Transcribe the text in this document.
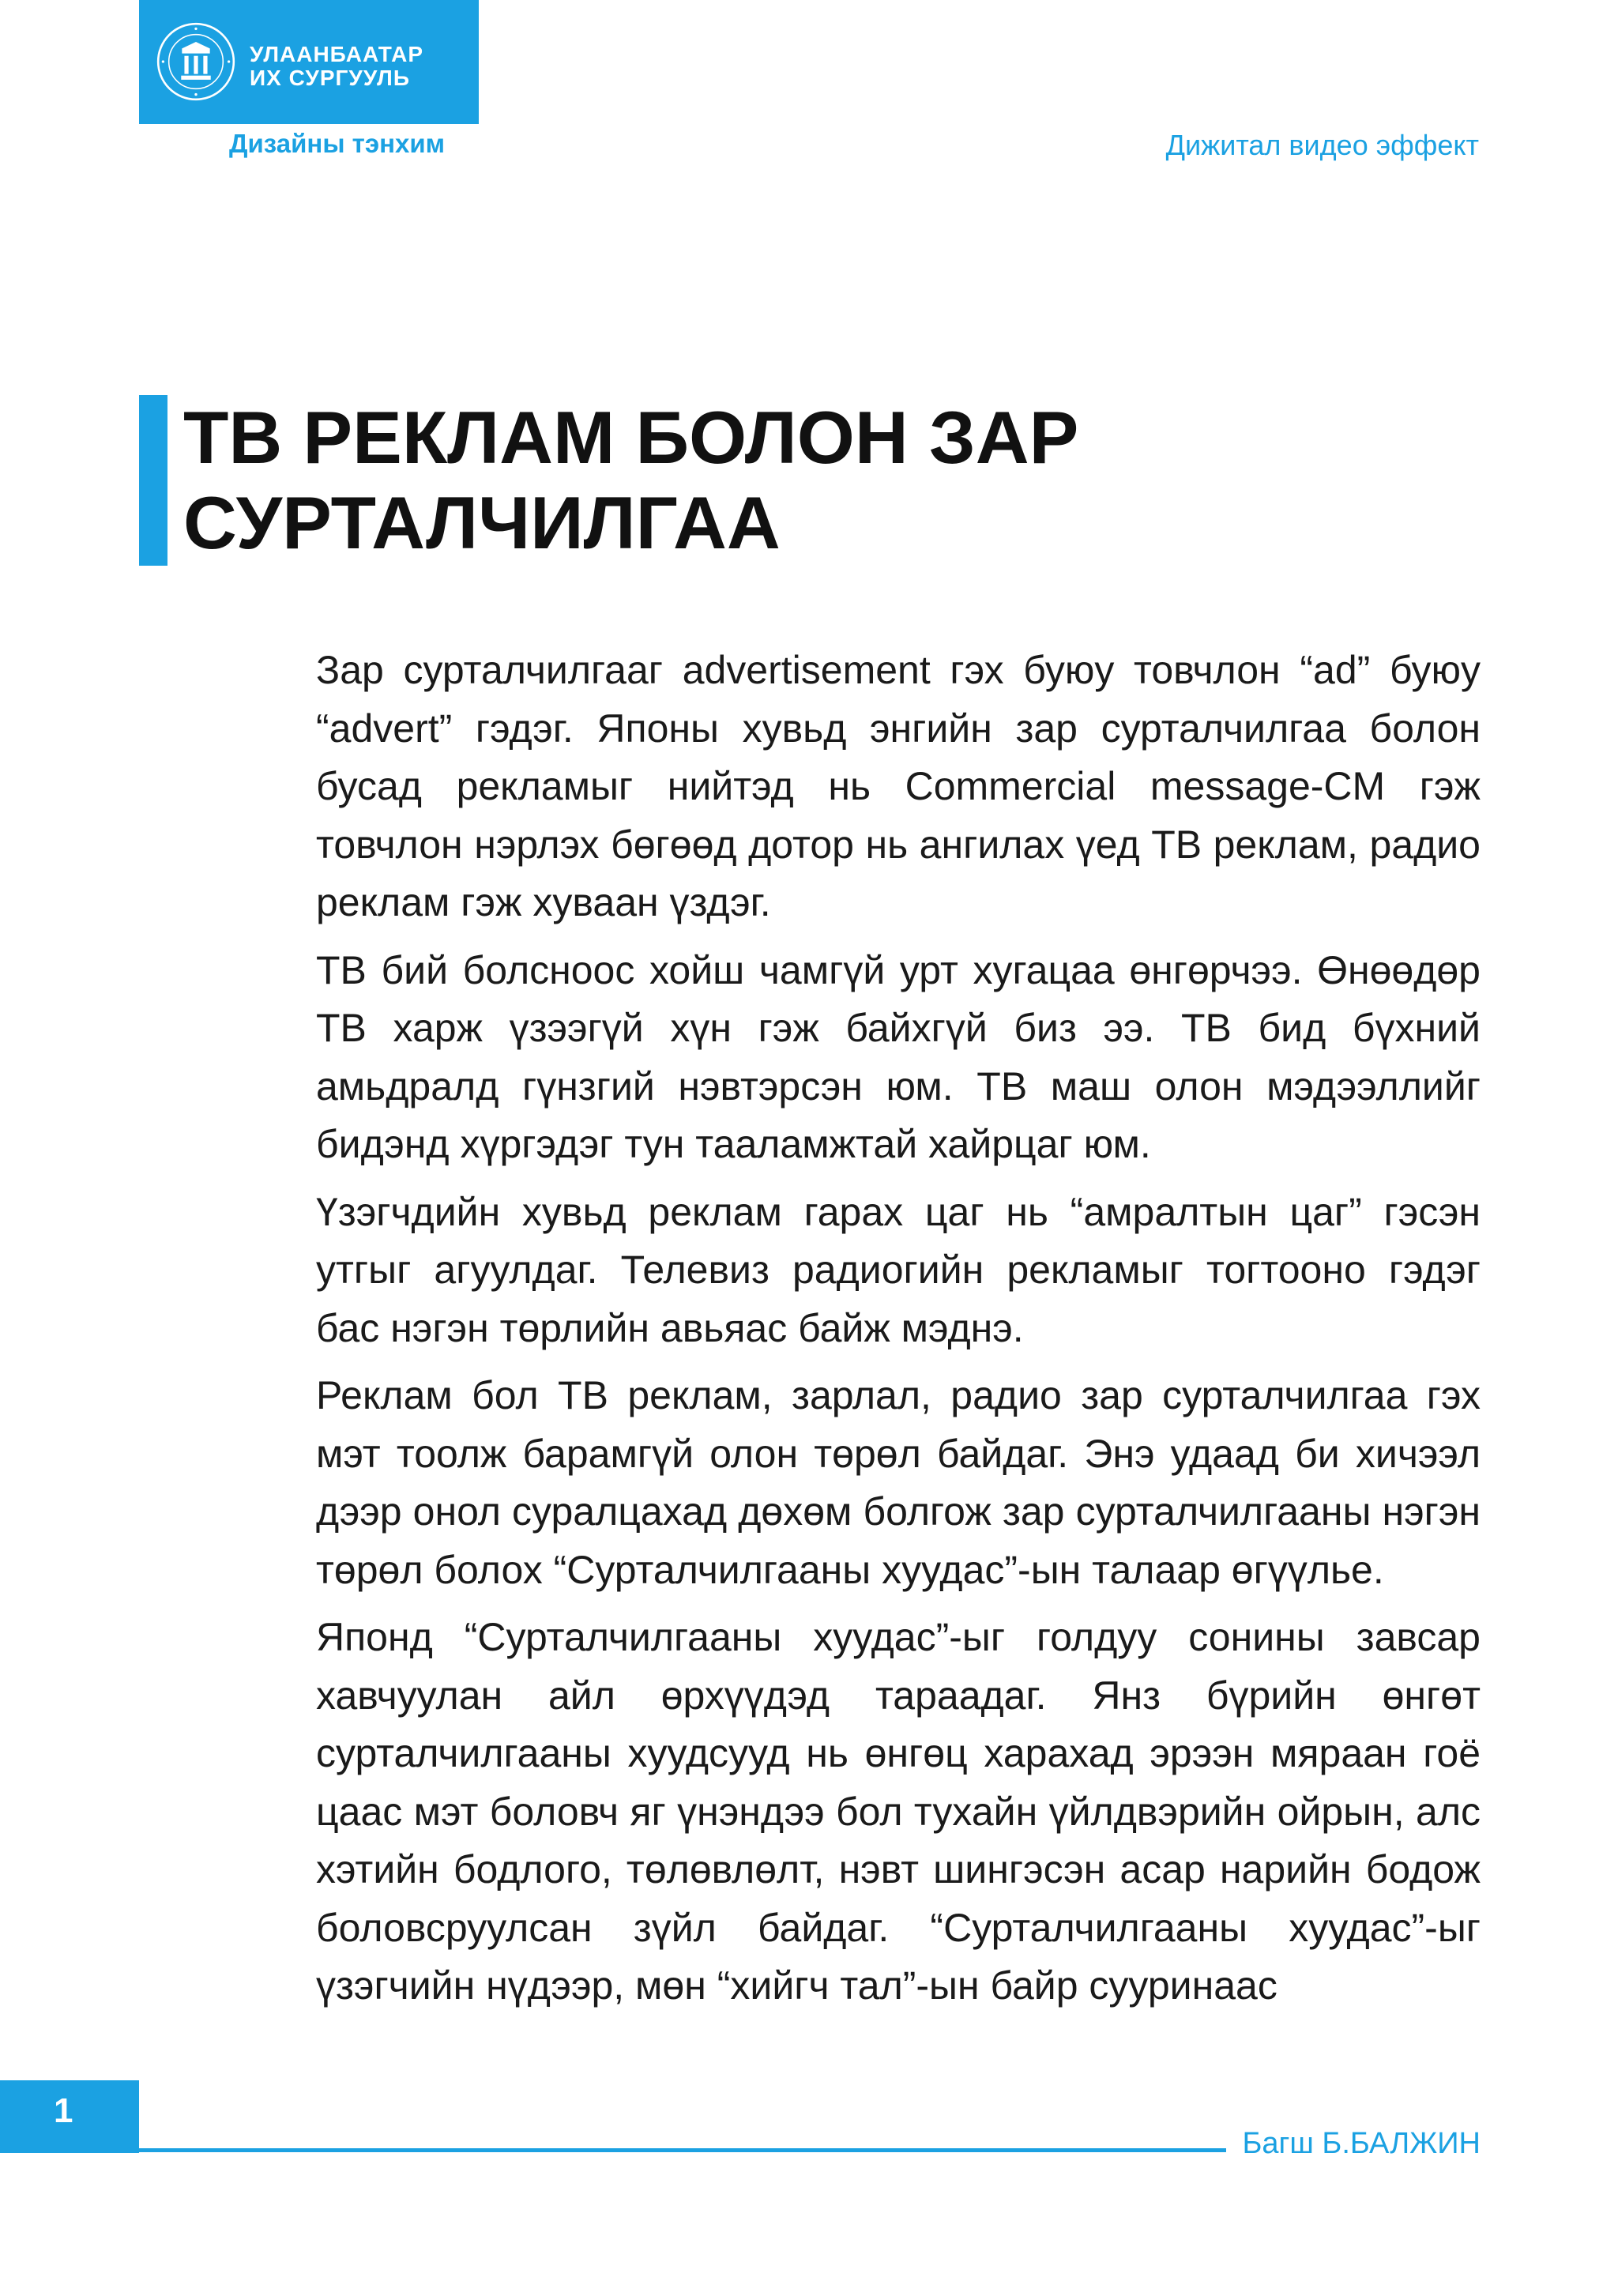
УЛААНБААТАР
ИХ СУРГУУЛЬ
Дизайны тэнхим	Дижитал видео эффект
ТВ РЕКЛАМ БОЛОН ЗАР
СУРТАЛЧИЛГАА

Зар сурталчилгааг advertisement гэх буюу товчлон “ad” буюу “advert” гэдэг. Японы хувьд энгийн зар сурталчилгаа болон бусад рекламыг нийтэд нь Commercial message-CM гэж товчлон нэрлэх бөгөөд дотор нь ангилах үед ТВ реклам, радио реклам гэж хуваан үздэг.

ТВ бий болсноос хойш чамгүй урт хугацаа өнгөрчээ. Өнөөдөр ТВ харж үзээгүй хүн гэж байхгүй биз ээ. ТВ бид бүхний амьдралд гүнзгий нэвтэрсэн юм. ТВ маш олон мэдээллийг бидэнд хүргэдэг тун тааламжтай хайрцаг юм.

Үзэгчдийн хувьд реклам гарах цаг нь “амралтын цаг” гэсэн утгыг агуулдаг. Телевиз радиогийн рекламыг тогтооно гэдэг бас нэгэн төрлийн авьяас байж мэднэ.

Реклам бол ТВ реклам, зарлал, радио зар сурталчилгаа гэх мэт тоолж барамгүй олон төрөл байдаг. Энэ удаад би хичээл дээр онол суралцахад дөхөм болгож зар сурталчилгааны нэгэн төрөл болох “Сурталчилгааны хуудас”-ын талаар өгүүлье.

Японд “Сурталчилгааны хуудас”-ыг голдуу сонины завсар хавчуулан айл өрхүүдэд тараадаг. Янз бүрийн өнгөт сурталчилгааны хуудсууд нь өнгөц харахад эрээн мяраан гоё цаас мэт боловч яг үнэндээ бол тухайн үйлдвэрийн ойрын, алс хэтийн бодлого, төлөвлөлт, нэвт шингэсэн асар нарийн бодож боловсруулсан зүйл байдаг. “Сурталчилгааны хуудас”-ыг үзэгчийн нүдээр, мөн “хийгч тал”-ын байр сууринаас

1
Багш Б.БАЛЖИН
